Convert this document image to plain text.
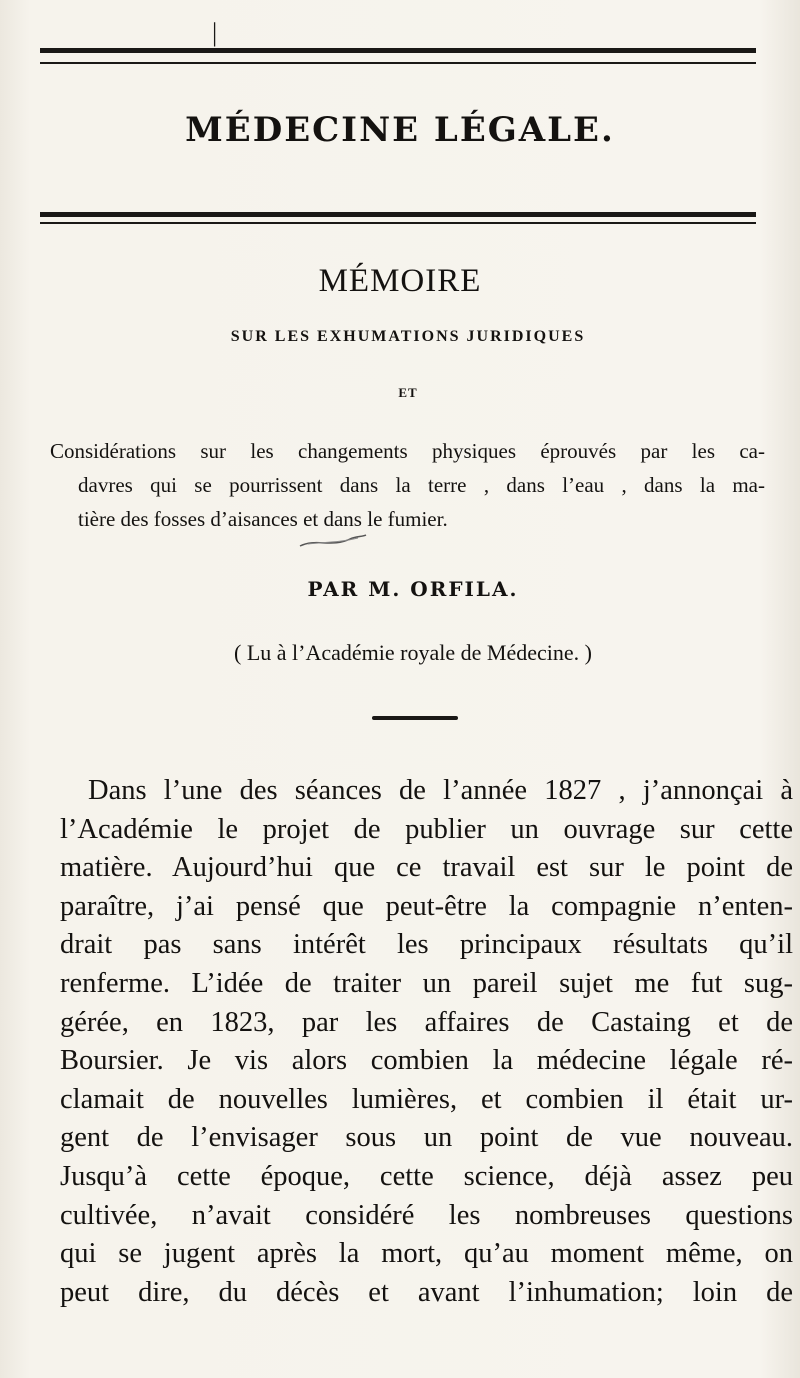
|
MÉDECINE LÉGALE.
MÉMOIRE
SUR LES EXHUMATIONS JURIDIQUES
ET
Considérations sur les changements physiques éprouvés par les ca-
davres qui se pourrissent dans la terre , dans l’eau , dans la ma-
tière des fosses d’aisances et dans le fumier.
PAR M. ORFILA.
( Lu à l’Académie royale de Médecine. )
Dans l’une des séances de l’année 1827 , j’annonçai à
l’Académie le projet de publier un ouvrage sur cette
matière. Aujourd’hui que ce travail est sur le point de
paraître, j’ai pensé que peut-être la compagnie n’enten-
drait pas sans intérêt les principaux résultats qu’il
renferme. L’idée de traiter un pareil sujet me fut sug-
gérée, en 1823, par les affaires de Castaing et de
Boursier. Je vis alors combien la médecine légale ré-
clamait de nouvelles lumières, et combien il était ur-
gent de l’envisager sous un point de vue nouveau.
Jusqu’à cette époque, cette science, déjà assez peu
cultivée, n’avait considéré les nombreuses questions
qui se jugent après la mort, qu’au moment même, on
peut dire, du décès et avant l’inhumation; loin de
